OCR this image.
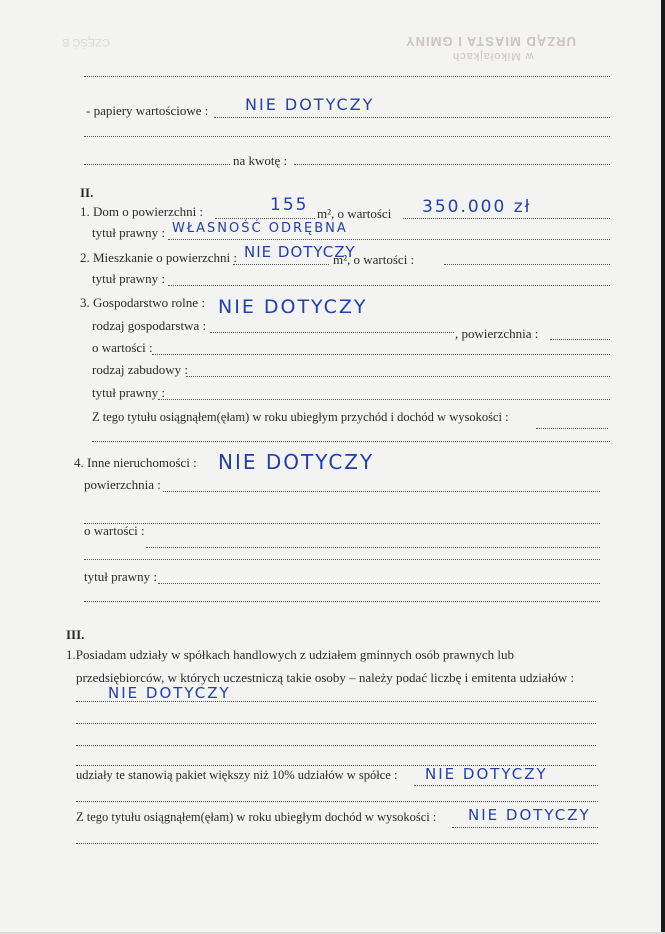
URZĄD MIASTA I GMINY
w Mikołajkach
CZĘŚĆ B
- papiery wartościowe : NIE DOTYCZY
na kwotę :
II.
1. Dom o powierzchni :	155 m², o wartości 350.000 zł
tytuł prawny : WŁASNOŚĆ ODRĘBNA
2. Mieszkanie o powierzchni : NIE DOTYCZY
m², o wartości :
tytuł prawny :
3. Gospodarstwo rolne : NIE DOTYCZY
rodzaj gospodarstwa :
, powierzchnia :
o wartości :
rodzaj zabudowy :
tytuł prawny :
Z tego tytułu osiągnąłem(ęłam) w roku ubiegłym przychód i dochód w wysokości :
4. Inne nieruchomości : NIE DOTYCZY
powierzchnia :
o wartości :
tytuł prawny :
III.
1.Posiadam udziały w spółkach handlowych z udziałem gminnych osób prawnych lub
przedsiębiorców, w których uczestniczą takie osoby – należy podać liczbę i emitenta udziałów :
NIE DOTYCZY
udziały te stanowią pakiet większy niż 10% udziałów w spółce : NIE DOTYCZY
Z tego tytułu osiągnąłem(ęłam) w roku ubiegłym dochód w wysokości : NIE DOTYCZY
